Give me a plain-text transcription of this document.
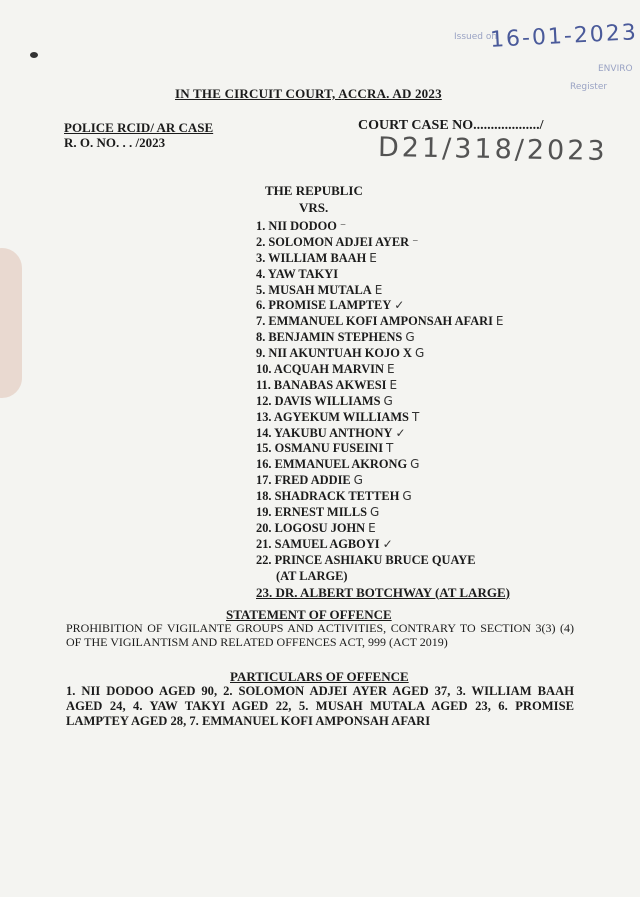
Issued on
16-01-2023
ENVIRO
Register
IN THE CIRCUIT COURT, ACCRA. AD 2023
POLICE RCID/ AR CASE
R. O. NO. . . /2023
COURT CASE NO.................../
D21/318/2023
THE REPUBLIC
VRS.
1. NII DODOO ⁻
2. SOLOMON ADJEI AYER ⁻
3. WILLIAM BAAH E
4. YAW TAKYI
5. MUSAH MUTALA E
6. PROMISE LAMPTEY ✓
7. EMMANUEL KOFI AMPONSAH AFARI E
8. BENJAMIN STEPHENS G
9. NII AKUNTUAH KOJO X G
10. ACQUAH MARVIN E
11. BANABAS AKWESI E
12. DAVIS WILLIAMS G
13. AGYEKUM WILLIAMS T
14. YAKUBU ANTHONY ✓
15. OSMANU FUSEINI T
16. EMMANUEL AKRONG G
17. FRED ADDIE G
18. SHADRACK TETTEH G
19. ERNEST MILLS G
20. LOGOSU JOHN E
21. SAMUEL AGBOYI ✓
22. PRINCE ASHIAKU BRUCE QUAYE
(AT LARGE)
23. DR. ALBERT BOTCHWAY (AT LARGE)
STATEMENT OF OFFENCE
PROHIBITION OF VIGILANTE GROUPS AND ACTIVITIES, CONTRARY TO SECTION 3(3) (4) OF THE VIGILANTISM AND RELATED OFFENCES ACT, 999 (ACT 2019)
PARTICULARS OF OFFENCE
1. NII DODOO AGED 90, 2. SOLOMON ADJEI AYER AGED 37, 3. WILLIAM BAAH AGED 24, 4. YAW TAKYI AGED 22, 5. MUSAH MUTALA AGED 23, 6. PROMISE LAMPTEY AGED 28, 7. EMMANUEL KOFI AMPONSAH AFARI
